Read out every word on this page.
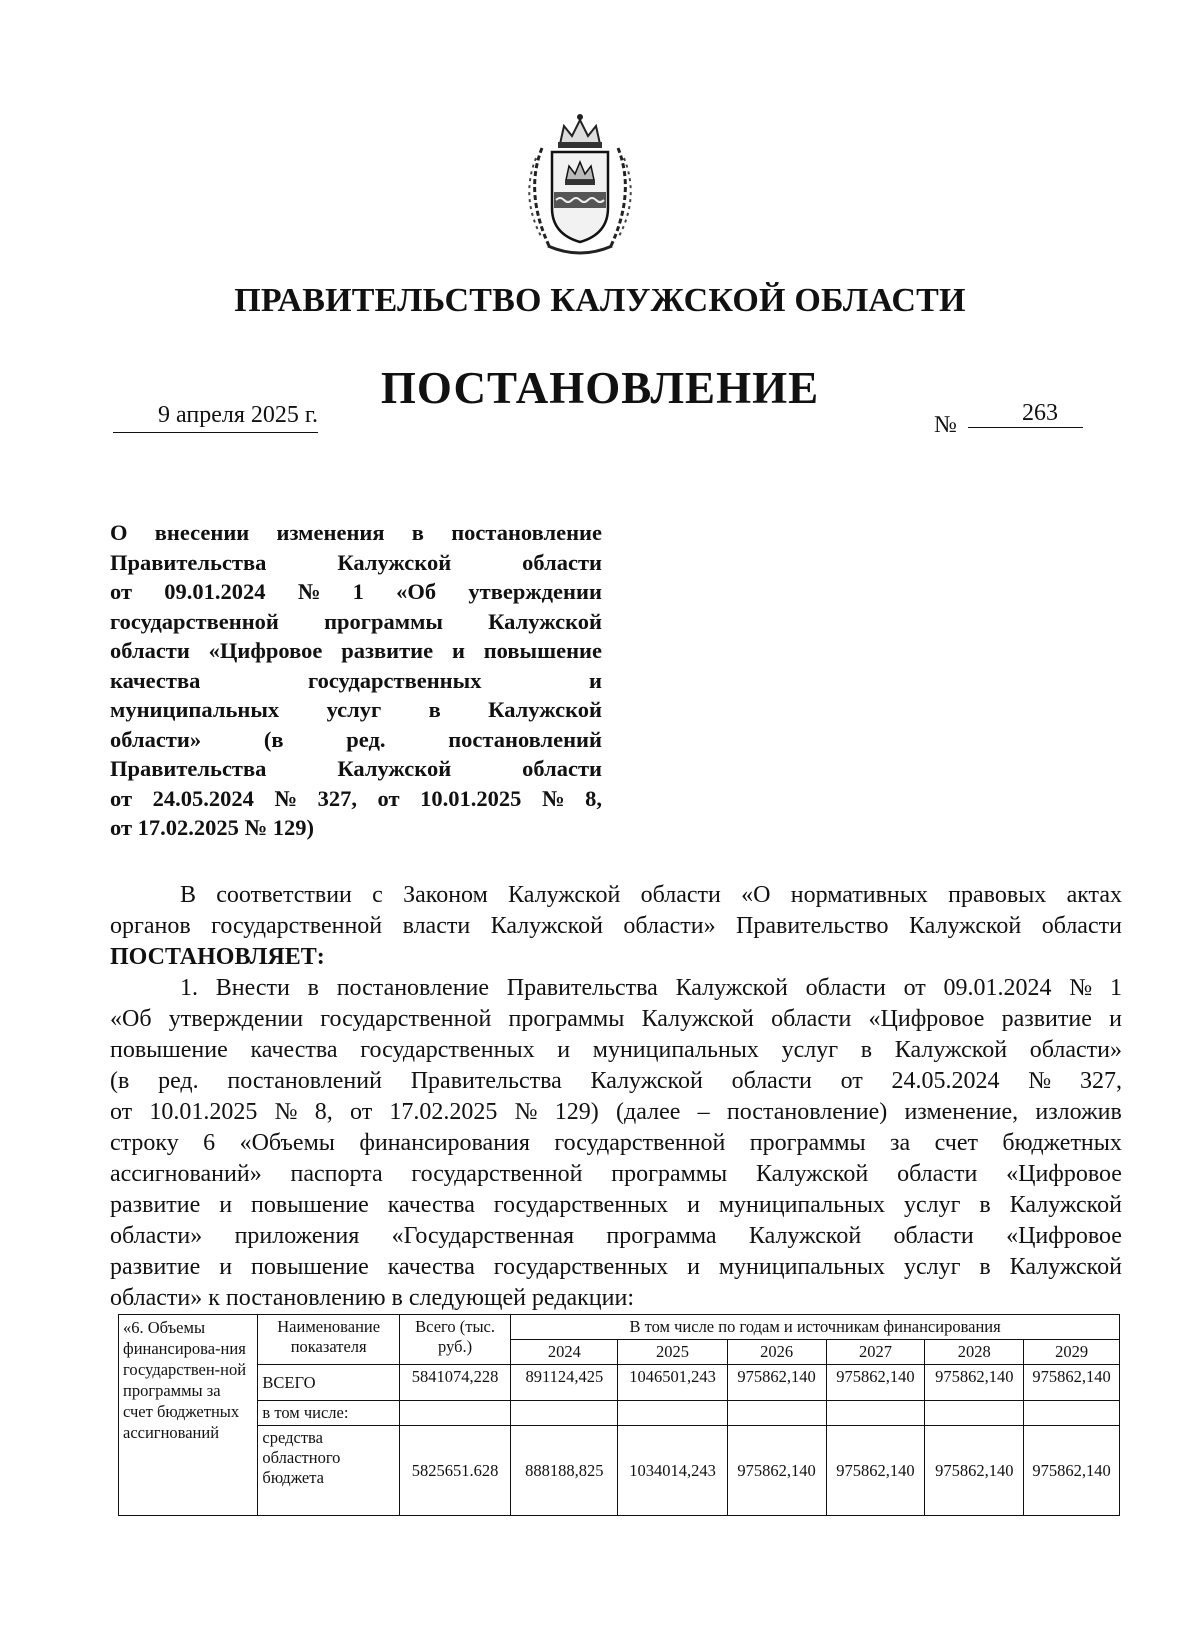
ПРАВИТЕЛЬСТВО КАЛУЖСКОЙ ОБЛАСТИ
ПОСТАНОВЛЕНИЕ
9 апреля 2025 г.	№	263
О внесении изменения в постановление
Правительства	Калужской	области
от 09.01.2024 № 1 «Об утверждении
государственной программы Калужской
области «Цифровое развитие и повышение
качества	государственных	и
муниципальных услуг в Калужской
области»	(в	ред.	постановлений
Правительства	Калужской	области
от 24.05.2024 № 327, от 10.01.2025 № 8,
от 17.02.2025 № 129)
В соответствии с Законом Калужской области «О нормативных правовых актах
органов государственной власти Калужской области» Правительство Калужской области
ПОСТАНОВЛЯЕТ:
1. Внести в постановление Правительства Калужской области от 09.01.2024 № 1
«Об утверждении государственной программы Калужской области «Цифровое развитие и
повышение качества государственных и муниципальных услуг в Калужской области»
(в ред. постановлений Правительства Калужской области от 24.05.2024 № 327,
от 10.01.2025 № 8, от 17.02.2025 № 129) (далее – постановление) изменение, изложив
строку 6 «Объемы финансирования государственной программы за счет бюджетных
ассигнований» паспорта государственной программы Калужской области «Цифровое
развитие и повышение качества государственных и муниципальных услуг в Калужской
области» приложения «Государственная программа Калужской области «Цифровое
развитие и повышение качества государственных и муниципальных услуг в Калужской
области» к постановлению в следующей редакции:
«6. Объемы финансирова-ния государствен-ной программы за счет бюджетных ассигнований	Наименование показателя	Всего (тыс. руб.)	В том числе по годам и источникам финансирования					
			2024	2025	2026	2027	2028	2029
	ВСЕГО	5841074,228	891124,425	1046501,243	975862,140	975862,140	975862,140	975862,140
	в том числе:							
	средства областного бюджета	5825651.628	888188,825	1034014,243	975862,140	975862,140	975862,140	975862,140
